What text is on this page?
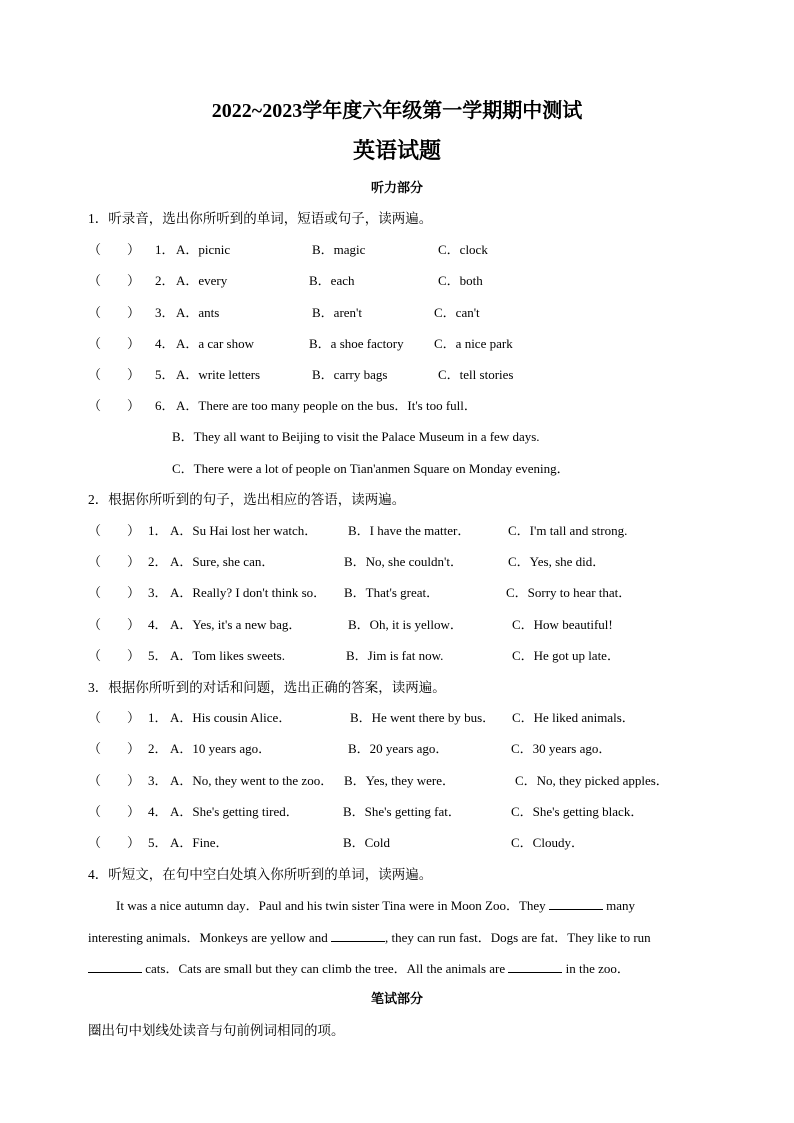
2022~2023学年度六年级第一学期期中测试
英语试题
听力部分
1．听录音，选出你所听到的单词，短语或句子，读两遍。
（　　） 1． A．picnic	B．magic	C．clock
（　　） 2． A．every	B．each	C．both
（　　） 3． A．ants	B．aren't	C．can't
（　　） 4． A．a car show	B．a shoe factory C．a nice park
（　　） 5． A．write letters	B．carry bags	C．tell stories
（　　） 6． A．There are too many people on the bus．It's too full．
B．They all want to Beijing to visit the Palace Museum in a few days.
C．There were a lot of people on Tian'anmen Square on Monday evening．
2．根据你所听到的句子，选出相应的答语，读两遍。
（　　） 1． A．Su Hai lost her watch． B．I have the matter．	C．I'm tall and strong.
（　　） 2． A．Sure, she can．	B．No, she couldn't．	C．Yes, she did．
（　　） 3． A．Really? I don't think so． B．That's great．	C．Sorry to hear that．
（　　） 4． A．Yes, it's a new bag．	B．Oh, it is yellow．	C．How beautiful!
（　　） 5． A．Tom likes sweets.	B．Jim is fat now.	C．He got up late．
3．根据你所听到的对话和问题，选出正确的答案，读两遍。
（　　） 1． A．His cousin Alice．	B．He went there by bus． C．He liked animals．
（　　） 2． A．10 years ago．	B．20 years ago．	C．30 years ago．
（　　） 3． A．No, they went to the zoo． B．Yes, they were．	C．No, they picked apples．
（　　） 4． A．She's getting tired．	B．She's getting fat．	C．She's getting black．
（　　） 5． A．Fine．	B．Cold	C．Cloudy．
4．听短文，在句中空白处填入你所听到的单词，读两遍。
It was a nice autumn day．Paul and his twin sister Tina were in Moon Zoo．They	many
interesting animals．Monkeys are yellow and	, they can run fast．Dogs are fat．They like to run
cats．Cats are small but they can climb the tree．All the animals are	in the zoo．
笔试部分
圈出句中划线处读音与句前例词相同的项。
